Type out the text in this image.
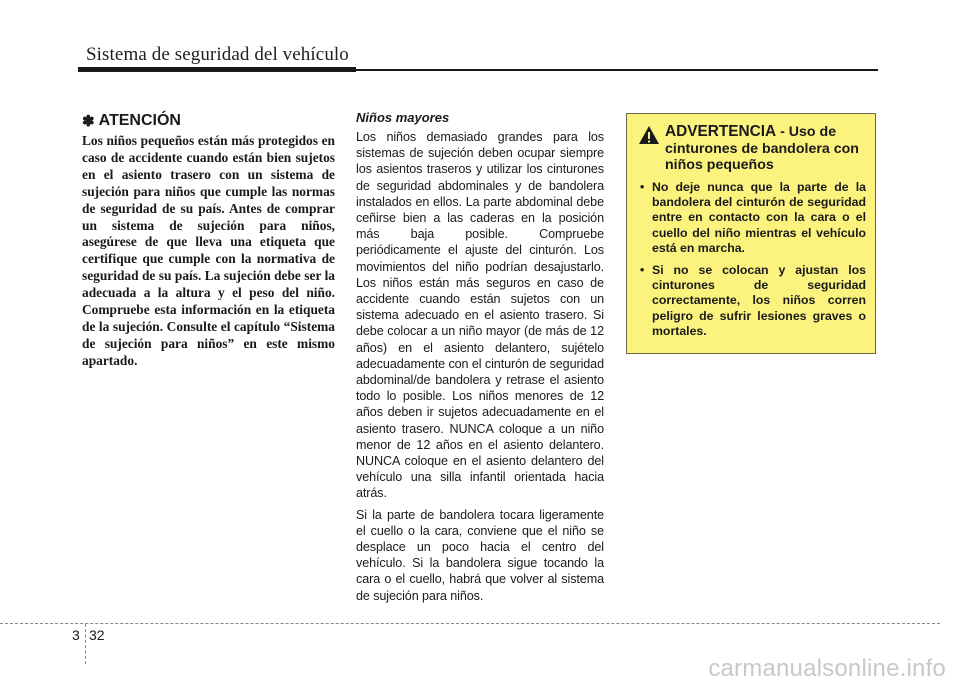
Sistema de seguridad del vehículo
✽ ATENCIÓN

Los niños pequeños están más protegidos en caso de accidente cuando están bien sujetos en el asiento trasero con un sistema de sujeción para niños que cumple las normas de seguridad de su país. Antes de comprar un sistema de sujeción para niños, asegúrese de que lleva una etiqueta que certifique que cumple con la normativa de seguridad de su país. La sujeción debe ser la adecuada a la altura y el peso del niño. Compruebe esta información en la etiqueta de la sujeción. Consulte el capítulo “Sistema de sujeción para niños” en este mismo apartado.

Niños mayores

Los niños demasiado grandes para los sistemas de sujeción deben ocupar siempre los asientos traseros y utilizar los cinturones de seguridad abdominales y de bandolera instalados en ellos. La parte abdominal debe ceñirse bien a las caderas en la posición más baja posible. Compruebe periódicamente el ajuste del cinturón. Los movimientos del niño podrían desajustarlo. Los niños están más seguros en caso de accidente cuando están sujetos con un sistema adecuado en el asiento trasero. Si debe colocar a un niño mayor (de más de 12 años) en el asiento delantero, sujételo adecuadamente con el cinturón de seguridad abdominal/de bandolera y retrase el asiento todo lo posible. Los niños menores de 12 años deben ir sujetos adecuadamente en el asiento trasero. NUNCA coloque a un niño menor de 12 años en el asiento delantero. NUNCA coloque en el asiento delantero del vehículo una silla infantil orientada hacia atrás.

Si la parte de bandolera tocara ligeramente el cuello o la cara, conviene que el niño se desplace un poco hacia el centro del vehículo. Si la bandolera sigue tocando la cara o el cuello, habrá que volver al sistema de sujeción para niños.

ADVERTENCIA - Uso de cinturones de bandolera con niños pequeños
• No deje nunca que la parte de la bandolera del cinturón de seguridad entre en contacto con la cara o el cuello del niño mientras el vehículo está en marcha.
• Si no se colocan y ajustan los cinturones de seguridad correctamente, los niños corren peligro de sufrir lesiones graves o mortales.
3 32
carmanualsonline.info
